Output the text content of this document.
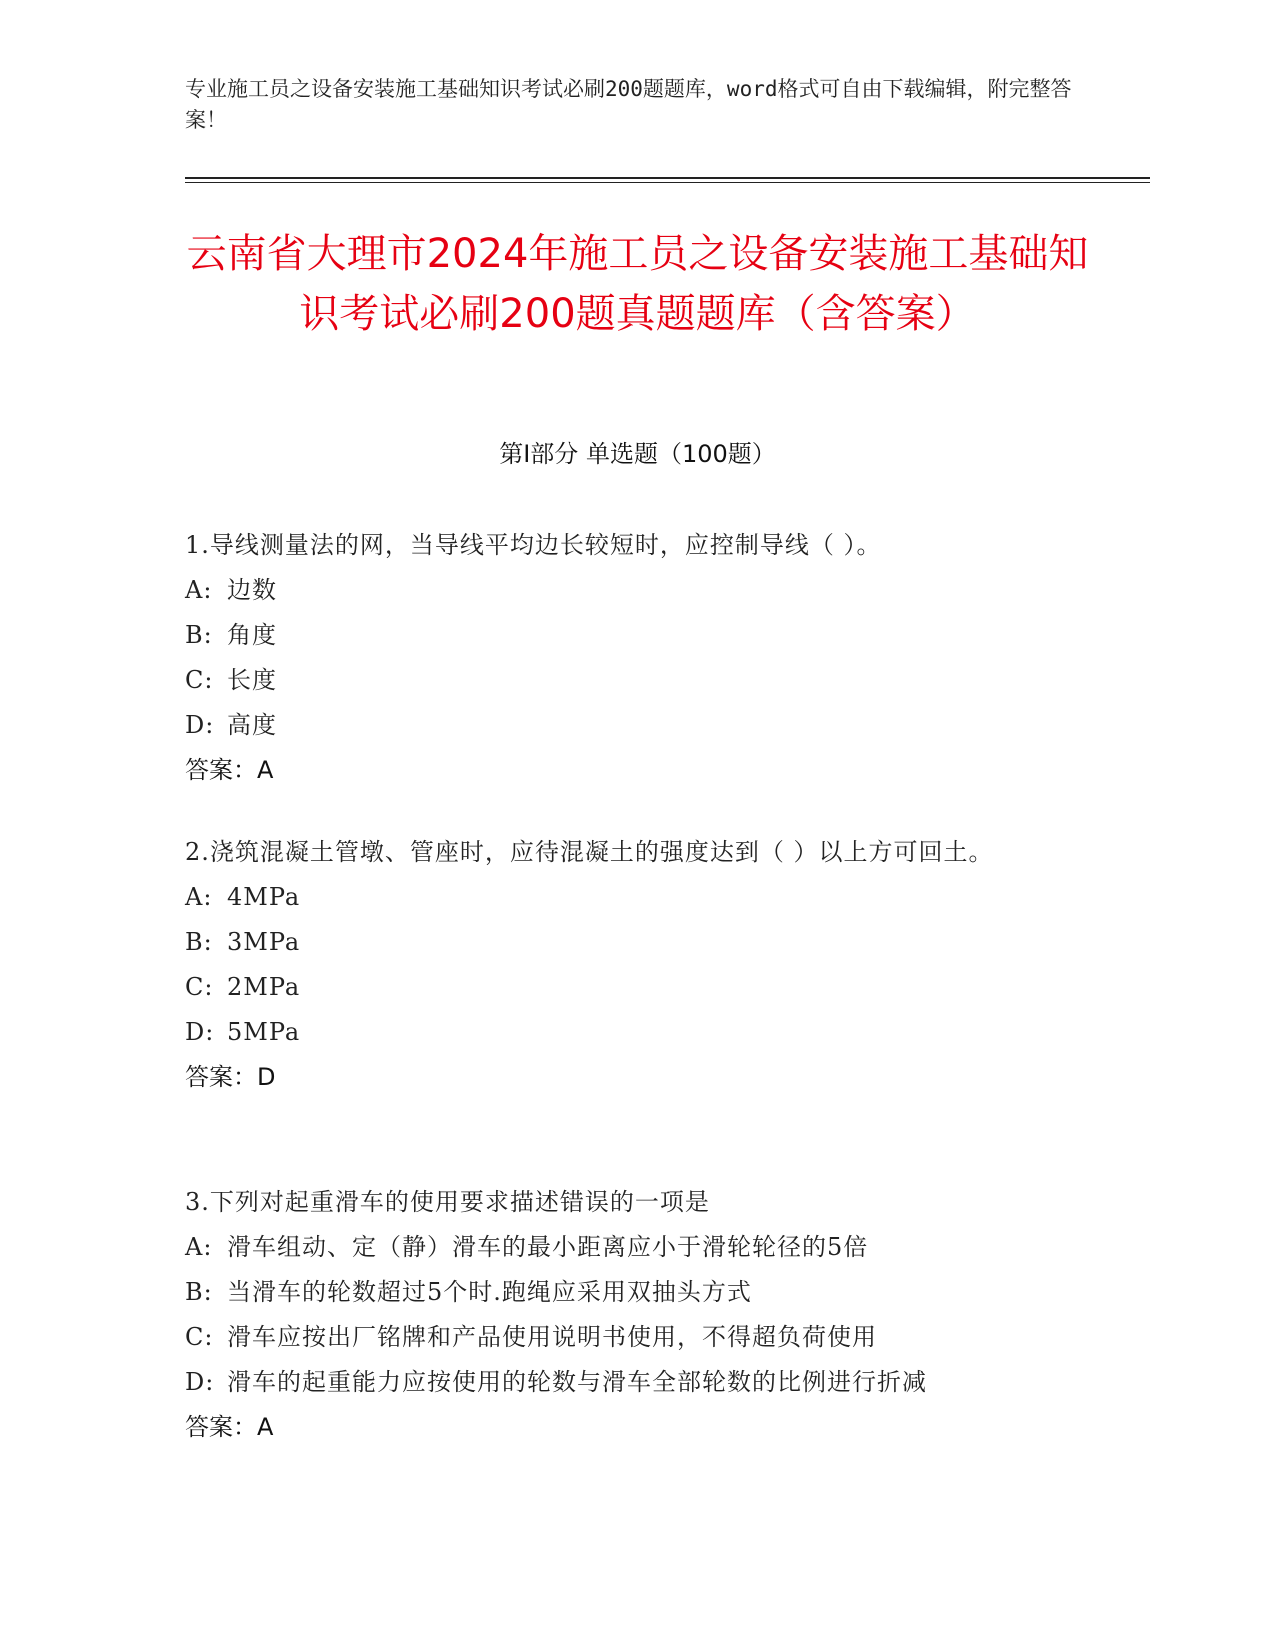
专业施工员之设备安装施工基础知识考试必刷200题题库，word格式可自由下载编辑，附完整答案！
云南省大理市2024年施工员之设备安装施工基础知识考试必刷200题真题题库（含答案）
第Ⅰ部分 单选题（100题）
1.导线测量法的网，当导线平均边长较短时，应控制导线（ ）。
A: 边数
B: 角度
C: 长度
D: 高度
答案：A
2.浇筑混凝土管墩、管座时，应待混凝土的强度达到（ ）以上方可回土。
A: 4MPa
B: 3MPa
C: 2MPa
D: 5MPa
答案：D
3.下列对起重滑车的使用要求描述错误的一项是
A: 滑车组动、定（静）滑车的最小距离应小于滑轮轮径的5倍
B: 当滑车的轮数超过5个时.跑绳应采用双抽头方式
C: 滑车应按出厂铭牌和产品使用说明书使用，不得超负荷使用
D: 滑车的起重能力应按使用的轮数与滑车全部轮数的比例进行折减
答案：A
